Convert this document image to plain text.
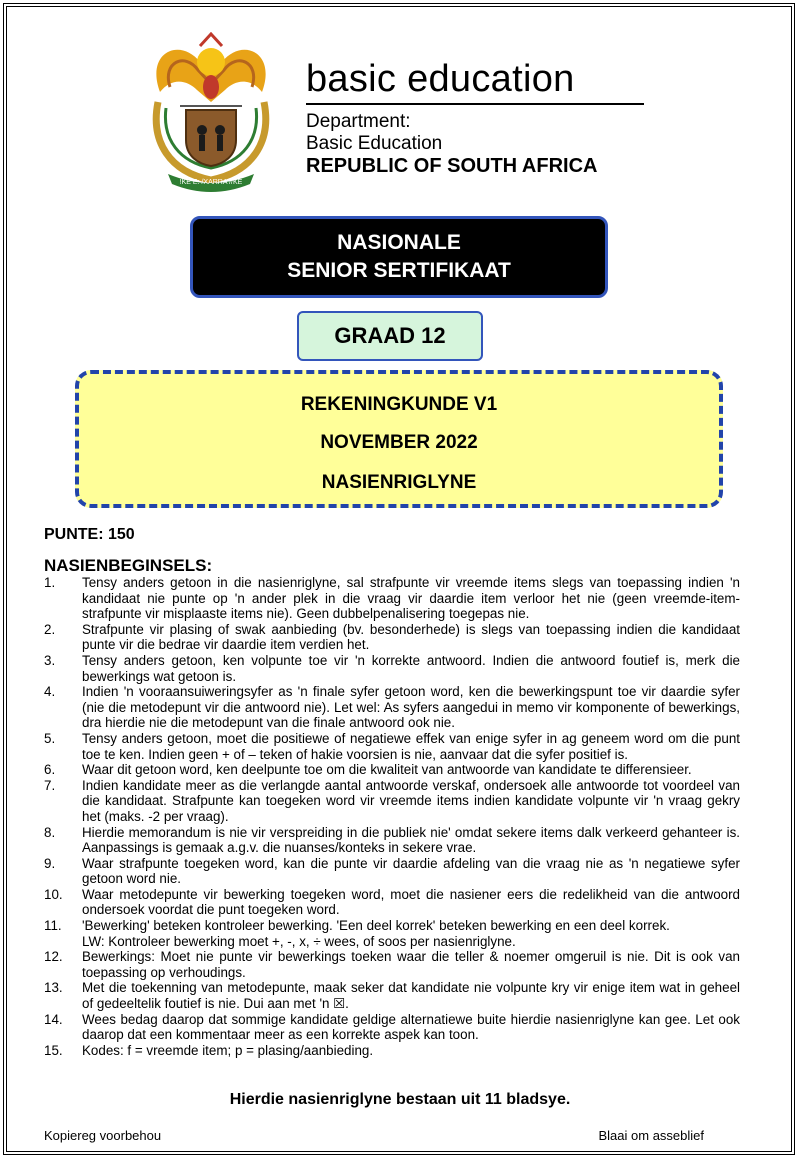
!KE E: /XARRA //KE
basic education
Department:
Basic Education
REPUBLIC OF SOUTH AFRICA
NASIONALE
SENIOR SERTIFIKAAT
GRAAD 12
REKENINGKUNDE V1
NOVEMBER 2022
NASIENRIGLYNE
PUNTE: 150
NASIENBEGINSELS:
1. Tensy anders getoon in die nasienriglyne, sal strafpunte vir vreemde items slegs van toepassing indien 'n kandidaat nie punte op 'n ander plek in die vraag vir daardie item verloor het nie (geen vreemde-item-strafpunte vir misplaaste items nie). Geen dubbelpenalisering toegepas nie.
2. Strafpunte vir plasing of swak aanbieding (bv. besonderhede) is slegs van toepassing indien die kandidaat punte vir die bedrae vir daardie item verdien het.
3. Tensy anders getoon, ken volpunte toe vir 'n korrekte antwoord. Indien die antwoord foutief is, merk die bewerkings wat getoon is.
4. Indien 'n vooraansuiweringsyfer as 'n finale syfer getoon word, ken die bewerkingspunt toe vir daardie syfer (nie die metodepunt vir die antwoord nie). Let wel: As syfers aangedui in memo vir komponente of bewerkings, dra hierdie nie die metodepunt van die finale antwoord ook nie.
5. Tensy anders getoon, moet die positiewe of negatiewe effek van enige syfer in ag geneem word om die punt toe te ken. Indien geen + of – teken of hakie voorsien is nie, aanvaar dat die syfer positief is.
6. Waar dit getoon word, ken deelpunte toe om die kwaliteit van antwoorde van kandidate te differensieer.
7. Indien kandidate meer as die verlangde aantal antwoorde verskaf, ondersoek alle antwoorde tot voordeel van die kandidaat. Strafpunte kan toegeken word vir vreemde items indien kandidate volpunte vir 'n vraag gekry het (maks. -2 per vraag).
8. Hierdie memorandum is nie vir verspreiding in die publiek nie' omdat sekere items dalk verkeerd gehanteer is. Aanpassings is gemaak a.g.v. die nuanses/konteks in sekere vrae.
9. Waar strafpunte toegeken word, kan die punte vir daardie afdeling van die vraag nie as 'n negatiewe syfer getoon word nie.
10. Waar metodepunte vir bewerking toegeken word, moet die nasiener eers die redelikheid van die antwoord ondersoek voordat die punt toegeken word.
11. 'Bewerking' beteken kontroleer bewerking. 'Een deel korrek' beteken bewerking en een deel korrek.
LW: Kontroleer bewerking moet +, -, x, ÷ wees, of soos per nasienriglyne.
12. Bewerkings: Moet nie punte vir bewerkings toeken waar die teller & noemer omgeruil is nie. Dit is ook van toepassing op verhoudings.
13. Met die toekenning van metodepunte, maak seker dat kandidate nie volpunte kry vir enige item wat in geheel of gedeeltelik foutief is nie. Dui aan met 'n ☒.
14. Wees bedag daarop dat sommige kandidate geldige alternatiewe buite hierdie nasienriglyne kan gee. Let ook daarop dat een kommentaar meer as een korrekte aspek kan toon.
15. Kodes: f = vreemde item; p = plasing/aanbieding.
Hierdie nasienriglyne bestaan uit 11 bladsye.
Kopiereg voorbehou	Blaai om asseblief
